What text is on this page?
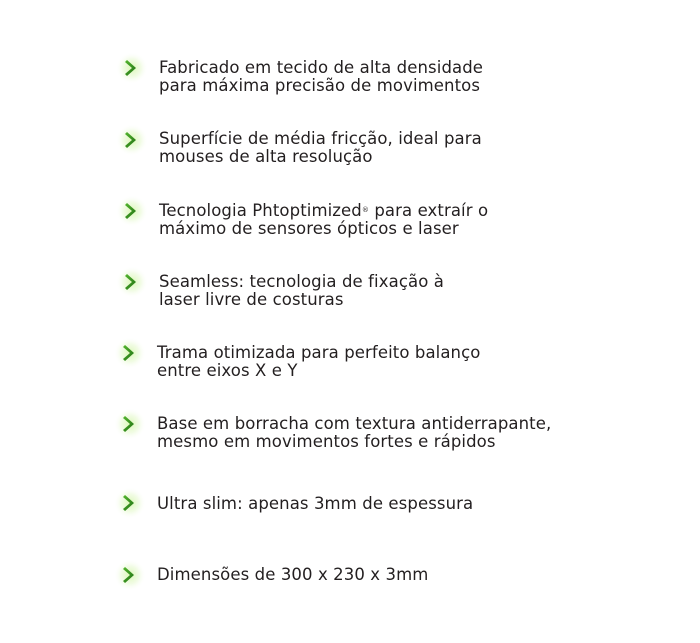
Fabricado em tecido de alta densidade
para máxima precisão de movimentos
Superfície de média fricção, ideal para
mouses de alta resolução
Tecnologia Phtoptimized® para extraír o
máximo de sensores ópticos e laser
Seamless: tecnologia de fixação à
laser livre de costuras
Trama otimizada para perfeito balanço
entre eixos X e Y
Base em borracha com textura antiderrapante,
mesmo em movimentos fortes e rápidos
Ultra slim: apenas 3mm de espessura
Dimensões de 300 x 230 x 3mm
